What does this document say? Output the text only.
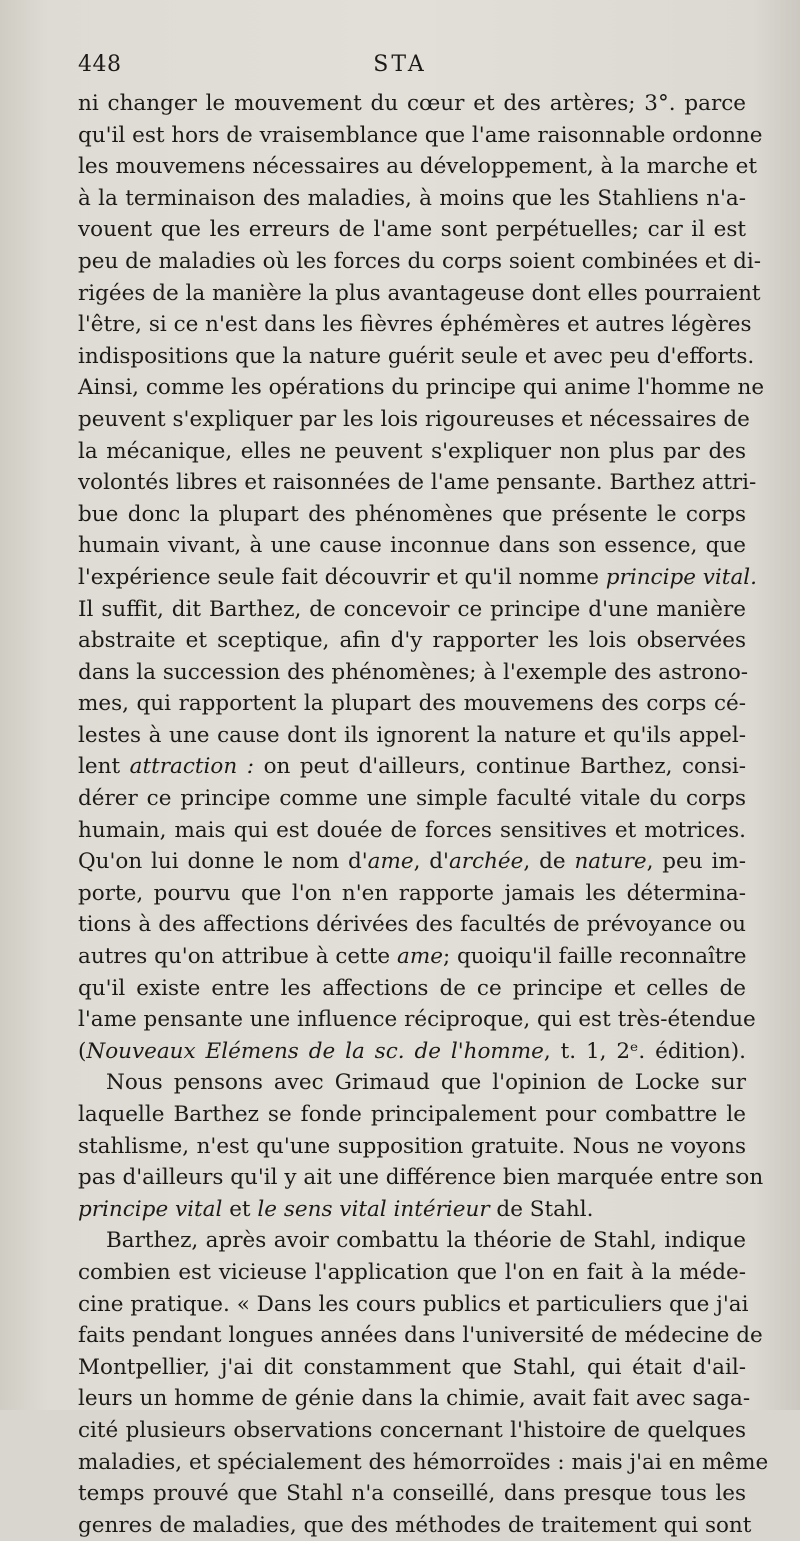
448	STA
ni changer le mouvement du cœur et des artères; 3°. parce
qu'il est hors de vraisemblance que l'ame raisonnable ordonne
les mouvemens nécessaires au développement, à la marche et
à la terminaison des maladies, à moins que les Stahliens n'a-
vouent que les erreurs de l'ame sont perpétuelles; car il est
peu de maladies où les forces du corps soient combinées et di-
rigées de la manière la plus avantageuse dont elles pourraient
l'être, si ce n'est dans les fièvres éphémères et autres légères
indispositions que la nature guérit seule et avec peu d'efforts.
Ainsi, comme les opérations du principe qui anime l'homme ne
peuvent s'expliquer par les lois rigoureuses et nécessaires de
la mécanique, elles ne peuvent s'expliquer non plus par des
volontés libres et raisonnées de l'ame pensante. Barthez attri-
bue donc la plupart des phénomènes que présente le corps
humain vivant, à une cause inconnue dans son essence, que
l'expérience seule fait découvrir et qu'il nomme principe vital.
Il suffit, dit Barthez, de concevoir ce principe d'une manière
abstraite et sceptique, afin d'y rapporter les lois observées
dans la succession des phénomènes; à l'exemple des astrono-
mes, qui rapportent la plupart des mouvemens des corps cé-
lestes à une cause dont ils ignorent la nature et qu'ils appel-
lent attraction : on peut d'ailleurs, continue Barthez, consi-
dérer ce principe comme une simple faculté vitale du corps
humain, mais qui est douée de forces sensitives et motrices.
Qu'on lui donne le nom d'ame, d'archée, de nature, peu im-
porte, pourvu que l'on n'en rapporte jamais les détermina-
tions à des affections dérivées des facultés de prévoyance ou
autres qu'on attribue à cette ame; quoiqu'il faille reconnaître
qu'il existe entre les affections de ce principe et celles de
l'ame pensante une influence réciproque, qui est très-étendue
(Nouveaux Elémens de la sc. de l'homme, t. 1, 2ᵉ. édition).
Nous pensons avec Grimaud que l'opinion de Locke sur
laquelle Barthez se fonde principalement pour combattre le
stahlisme, n'est qu'une supposition gratuite. Nous ne voyons
pas d'ailleurs qu'il y ait une différence bien marquée entre son
principe vital et le sens vital intérieur de Stahl.
Barthez, après avoir combattu la théorie de Stahl, indique
combien est vicieuse l'application que l'on en fait à la méde-
cine pratique. « Dans les cours publics et particuliers que j'ai
faits pendant longues années dans l'université de médecine de
Montpellier, j'ai dit constamment que Stahl, qui était d'ail-
leurs un homme de génie dans la chimie, avait fait avec saga-
cité plusieurs observations concernant l'histoire de quelques
maladies, et spécialement des hémorroïdes : mais j'ai en même
temps prouvé que Stahl n'a conseillé, dans presque tous les
genres de maladies, que des méthodes de traitement qui sont
